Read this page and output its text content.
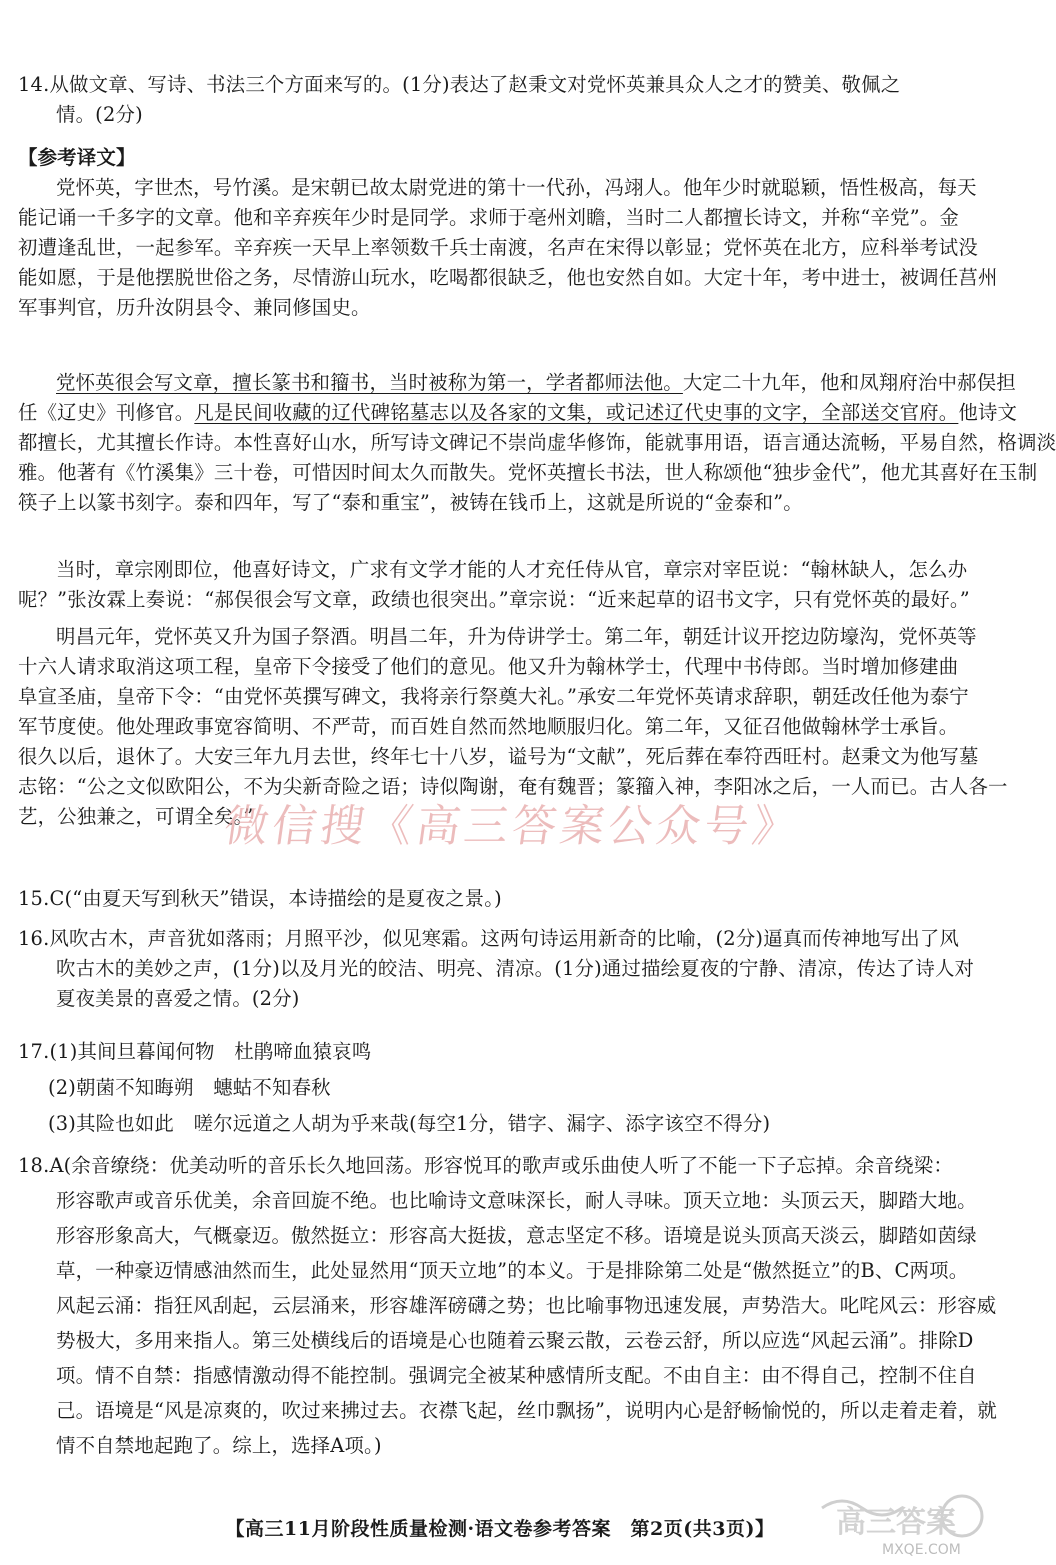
14.从做文章、写诗、书法三个方面来写的。(1分)表达了赵秉文对党怀英兼具众人之才的赞美、敬佩之
情。(2分)
【参考译文】
党怀英，字世杰，号竹溪。是宋朝已故太尉党进的第十一代孙，冯翊人。他年少时就聪颖，悟性极高，每天
能记诵一千多字的文章。他和辛弃疾年少时是同学。求师于亳州刘瞻，当时二人都擅长诗文，并称“辛党”。金
初遭逢乱世，一起参军。辛弃疾一天早上率领数千兵士南渡，名声在宋得以彰显；党怀英在北方，应科举考试没
能如愿，于是他摆脱世俗之务，尽情游山玩水，吃喝都很缺乏，他也安然自如。大定十年，考中进士，被调任莒州
军事判官，历升汝阴县令、兼同修国史。
党怀英很会写文章，擅长篆书和籀书，当时被称为第一，学者都师法他。大定二十九年，他和凤翔府治中郝俣担
任《辽史》刊修官。凡是民间收藏的辽代碑铭墓志以及各家的文集，或记述辽代史事的文字，全部送交官府。他诗文
都擅长，尤其擅长作诗。本性喜好山水，所写诗文碑记不崇尚虚华修饰，能就事用语，语言通达流畅，平易自然，格调淡
雅。他著有《竹溪集》三十卷，可惜因时间太久而散失。党怀英擅长书法，世人称颂他“独步金代”，他尤其喜好在玉制
筷子上以篆书刻字。泰和四年，写了“泰和重宝”，被铸在钱币上，这就是所说的“金泰和”。
当时，章宗刚即位，他喜好诗文，广求有文学才能的人才充任侍从官，章宗对宰臣说：“翰林缺人，怎么办
呢？”张汝霖上奏说：“郝俣很会写文章，政绩也很突出。”章宗说：“近来起草的诏书文字，只有党怀英的最好。”
明昌元年，党怀英又升为国子祭酒。明昌二年，升为侍讲学士。第二年，朝廷计议开挖边防壕沟，党怀英等
十六人请求取消这项工程，皇帝下令接受了他们的意见。他又升为翰林学士，代理中书侍郎。当时增加修建曲
阜宣圣庙，皇帝下令：“由党怀英撰写碑文，我将亲行祭奠大礼。”承安二年党怀英请求辞职，朝廷改任他为泰宁
军节度使。他处理政事宽容简明、不严苛，而百姓自然而然地顺服归化。第二年，又征召他做翰林学士承旨。
很久以后，退休了。大安三年九月去世，终年七十八岁，谥号为“文献”，死后葬在奉符西旺村。赵秉文为他写墓
志铭：“公之文似欧阳公，不为尖新奇险之语；诗似陶谢，奄有魏晋；篆籀入神，李阳冰之后，一人而已。古人各一
艺，公独兼之，可谓全矣。”
微信搜《高三答案公众号》
15.C(“由夏天写到秋天”错误，本诗描绘的是夏夜之景。)
16.风吹古木，声音犹如落雨；月照平沙，似见寒霜。这两句诗运用新奇的比喻，(2分)逼真而传神地写出了风
吹古木的美妙之声，(1分)以及月光的皎洁、明亮、清凉。(1分)通过描绘夏夜的宁静、清凉，传达了诗人对
夏夜美景的喜爱之情。(2分)
17.(1)其间旦暮闻何物　杜鹃啼血猿哀鸣
(2)朝菌不知晦朔　蟪蛄不知春秋
(3)其险也如此　嗟尔远道之人胡为乎来哉(每空1分，错字、漏字、添字该空不得分)
18.A(余音缭绕：优美动听的音乐长久地回荡。形容悦耳的歌声或乐曲使人听了不能一下子忘掉。余音绕梁：
形容歌声或音乐优美，余音回旋不绝。也比喻诗文意味深长，耐人寻味。顶天立地：头顶云天，脚踏大地。
形容形象高大，气概豪迈。傲然挺立：形容高大挺拔，意志坚定不移。语境是说头顶高天淡云，脚踏如茵绿
草，一种豪迈情感油然而生，此处显然用“顶天立地”的本义。于是排除第二处是“傲然挺立”的B、C两项。
风起云涌：指狂风刮起，云层涌来，形容雄浑磅礴之势；也比喻事物迅速发展，声势浩大。叱咤风云：形容威
势极大，多用来指人。第三处横线后的语境是心也随着云聚云散，云卷云舒，所以应选“风起云涌”。排除D
项。情不自禁：指感情激动得不能控制。强调完全被某种感情所支配。不由自主：由不得自己，控制不住自
己。语境是“风是凉爽的，吹过来拂过去。衣襟飞起，丝巾飘扬”，说明内心是舒畅愉悦的，所以走着走着，就
情不自禁地起跑了。综上，选择A项。)
【高三11月阶段性质量检测·语文卷参考答案　第2页(共3页)】	高三答案
MXQE.COM
